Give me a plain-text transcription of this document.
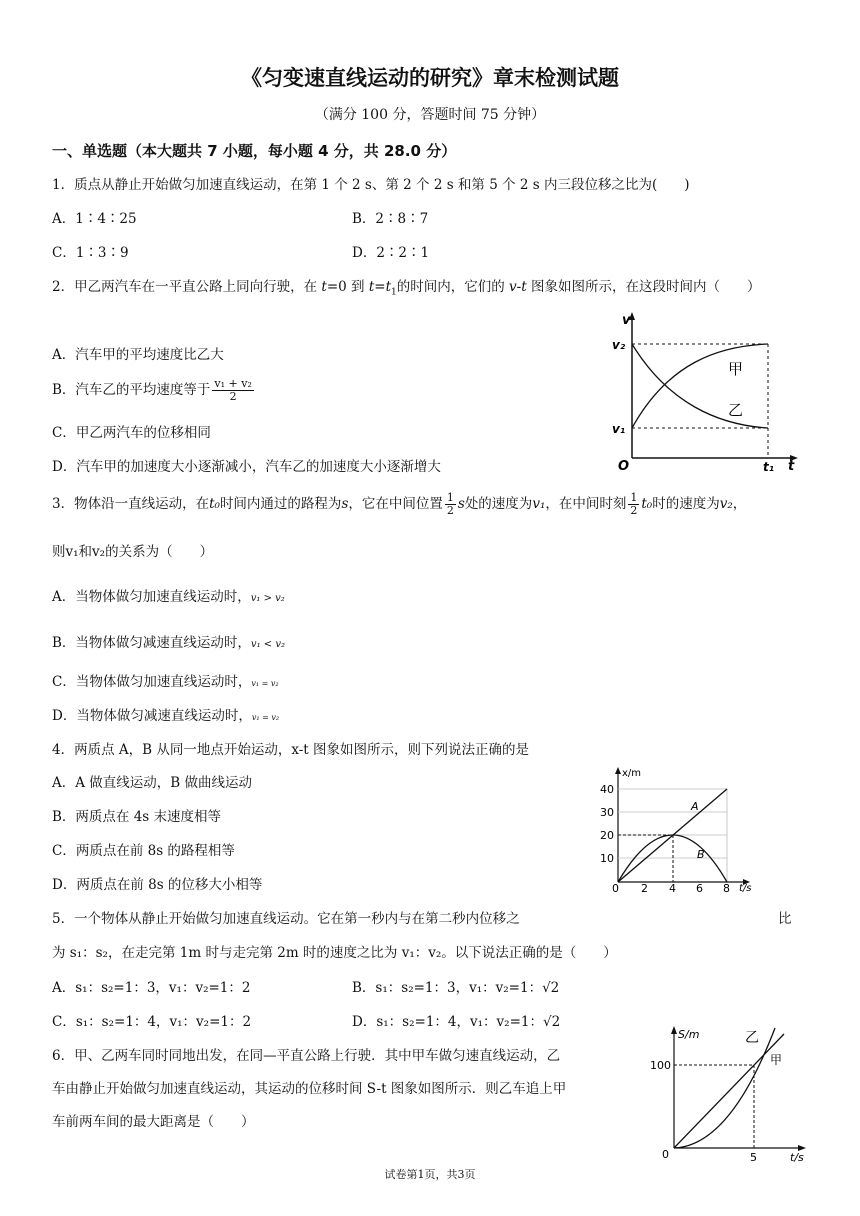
《匀变速直线运动的研究》章末检测试题
（满分 100 分，答题时间 75 分钟）
一、单选题（本大题共 7 小题，每小题 4 分，共 28.0 分）
1．质点从静止开始做匀加速直线运动，在第 1 个 2 s、第 2 个 2 s 和第 5 个 2 s 内三段位移之比为(　　)
A．1∶4∶25	B．2∶8∶7
C．1∶3∶9	D．2∶2∶1
2．甲乙两汽车在一平直公路上同向行驶，在 t=0 到 $t=t_1$的时间内，它们的 v-t 图象如图所示，在这段时间内（　　）
A．汽车甲的平均速度比乙大
B．汽车乙的平均速度等于 $\frac{\text{v₁ + v₂}}{2}$
C．甲乙两汽车的位移相同
D．汽车甲的加速度大小逐渐减小，汽车乙的加速度大小逐渐增大
v
v₂
v₁
O	t₁ t
甲
乙
3．物体沿一直线运动，在t₀时间内通过的路程为s，它在中间位置 $\frac{1}{2}$ s处的速度为v₁，在中间时刻 $\frac{1}{2} t_0$时的速度为v₂，
则v₁和v₂的关系为（　　）
A．当物体做匀加速直线运动时，v₁ > v₂
B．当物体做匀减速直线运动时，v₁ < v₂
C．当物体做匀加速直线运动时，v₁ = v₂
D．当物体做匀减速直线运动时，v₁ = v₂
4．两质点 A，B 从同一地点开始运动，x-t 图象如图所示，则下列说法正确的是
A．A 做直线运动，B 做曲线运动
B．两质点在 4s 末速度相等
C．两质点在前 8s 的路程相等
D．两质点在前 8s 的位移大小相等
x/m
t/s
40
30
20
10
0 2 4 6 8
A
B
5．一个物体从静止开始做匀加速直线运动。它在第一秒内与在第二秒内位移之	比
为 s₁：s₂，在走完第 1m 时与走完第 2m 时的速度之比为 v₁：v₂。以下说法正确的是（　　）
A．s₁：s₂=1：3，v₁：v₂=1：2	B．s₁：s₂=1：3，v₁：v₂=1：√2
C．s₁：s₂=1：4，v₁：v₂=1：2	D．s₁：s₂=1：4，v₁：v₂=1：√2
6．甲、乙两车同时同地出发，在同—平直公路上行驶．其中甲车做匀速直线运动，乙
车由静止开始做匀加速直线运动，其运动的位移时间 S-t 图象如图所示．则乙车追上甲
车前两车间的最大距离是（　　）
S/m
t/s
100
5
0
乙
甲
试卷第1页，共3页
